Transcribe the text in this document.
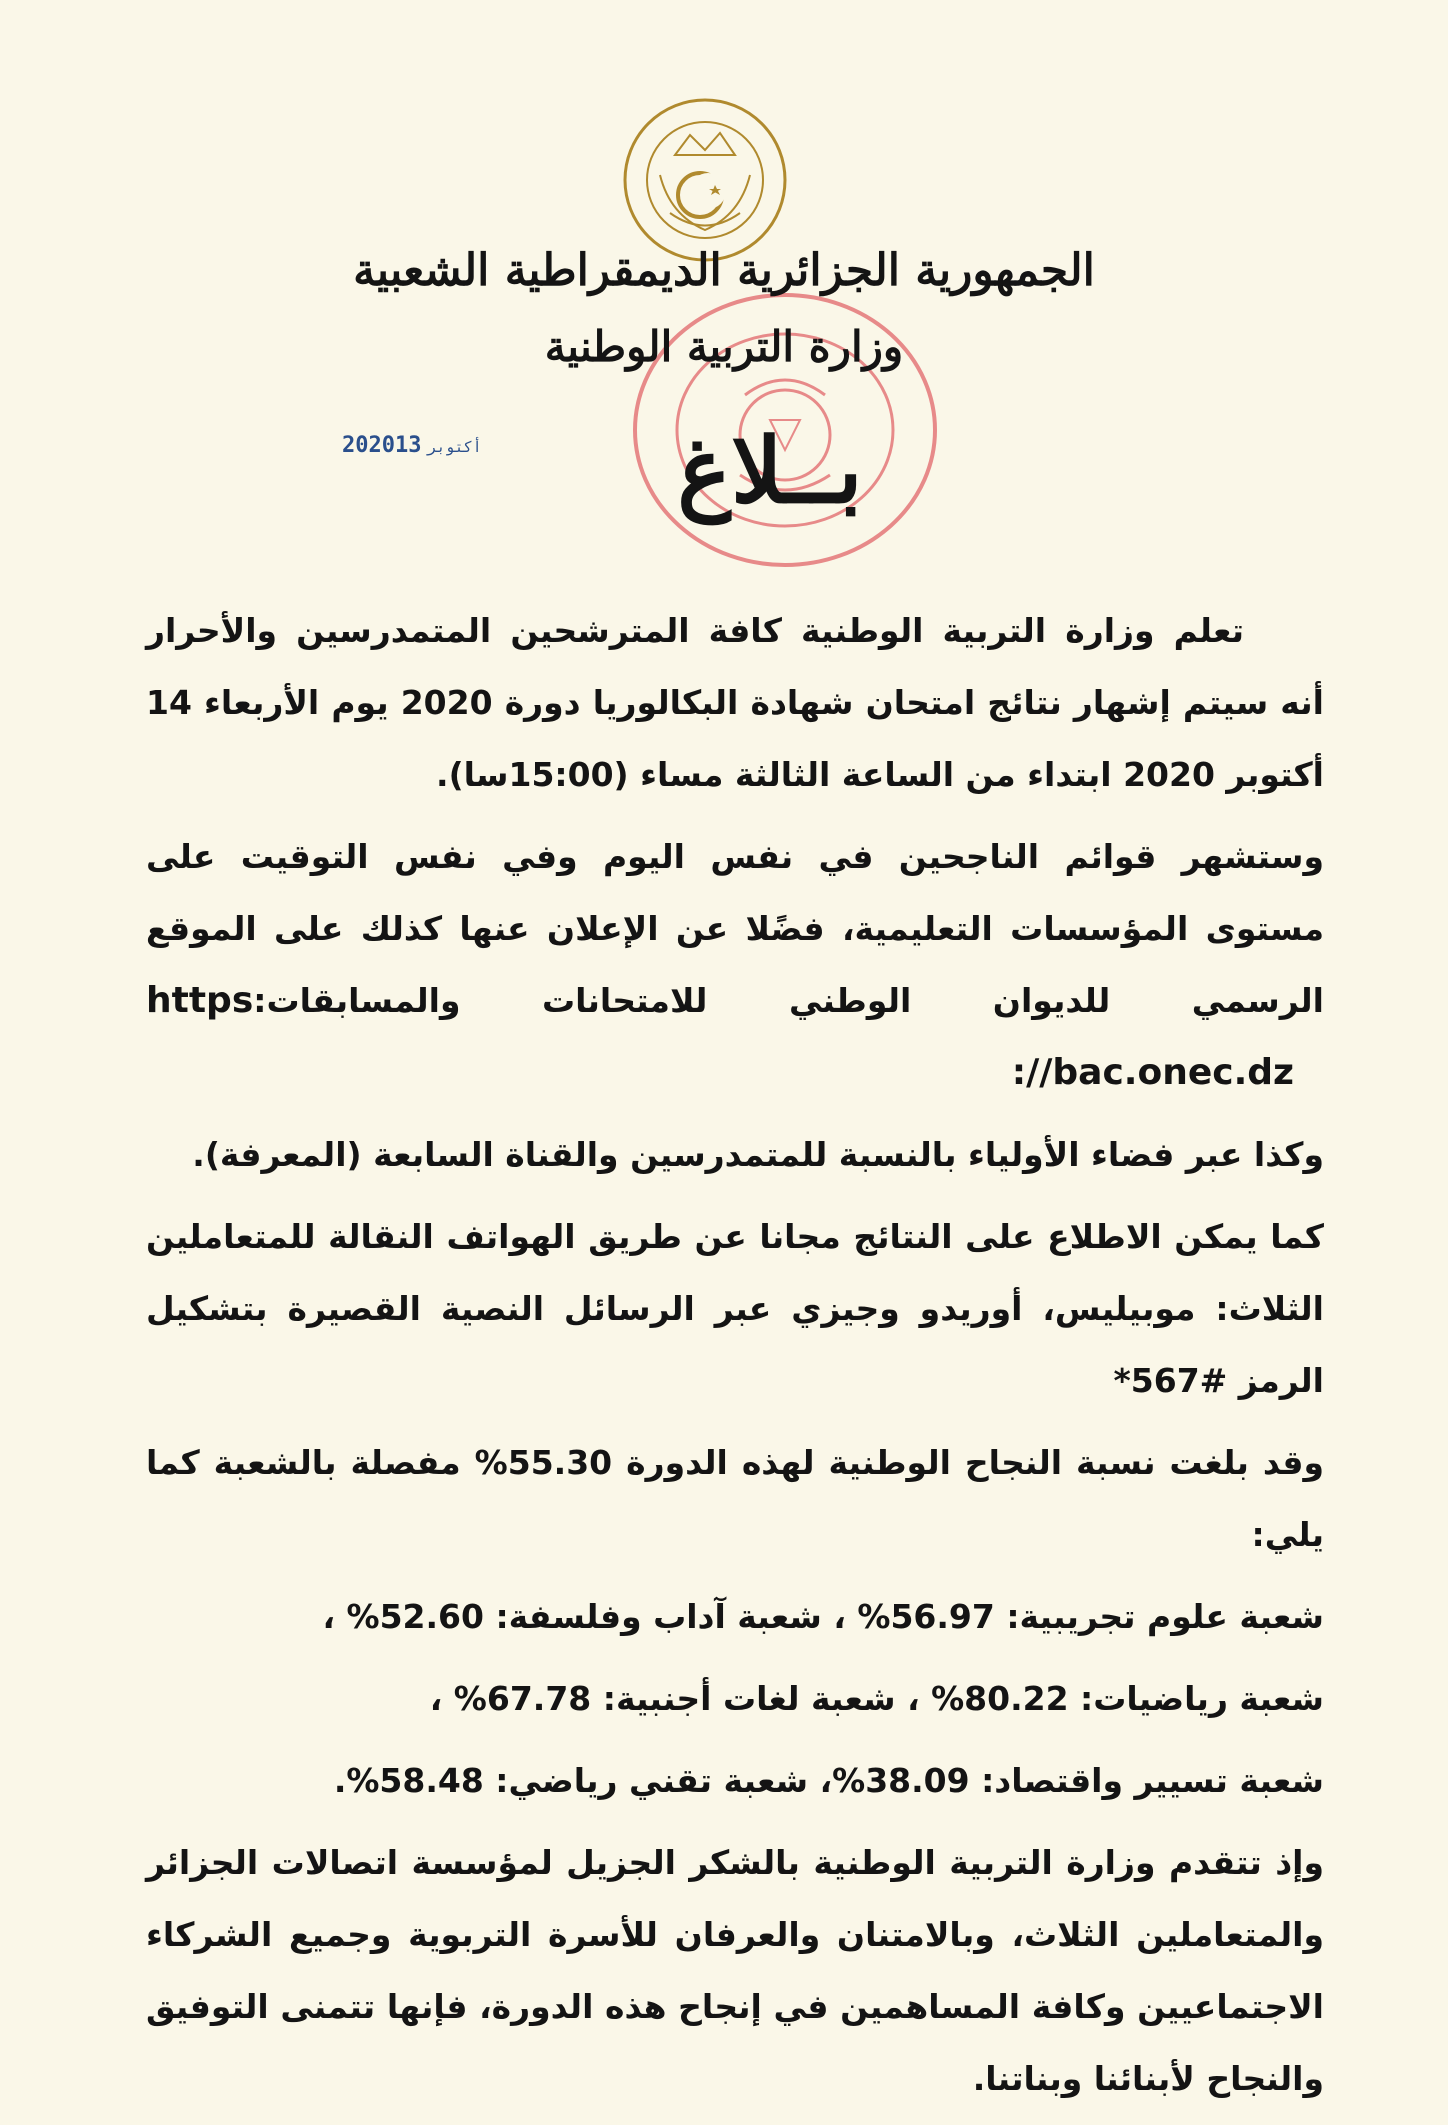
الجمهورية الجزائرية الديمقراطية الشعبية
وزارة التربية الوطنية
2020 أكتوبر13	بــلاغ

تعلم وزارة التربية الوطنية كافة المترشحين المتمدرسين والأحرار أنه سيتم إشهار نتائج امتحان شهادة البكالوريا دورة 2020 يوم الأربعاء 14 أكتوبر 2020 ابتداء من الساعة الثالثة مساء (15:00سا).

وستشهر قوائم الناجحين في نفس اليوم وفي نفس التوقيت على مستوى المؤسسات التعليمية، فضًلا عن الإعلان عنها كذلك على الموقع الرسمي للديوان الوطني للامتحانات والمسابقات:https ://bac.onec.dz

وكذا عبر فضاء الأولياء بالنسبة للمتمدرسين والقناة السابعة (المعرفة).

كما يمكن الاطلاع على النتائج مجانا عن طريق الهواتف النقالة للمتعاملين الثلاث: موبيليس، أوريدو وجيزي عبر الرسائل النصية القصيرة بتشكيل الرمز #567*

وقد بلغت نسبة النجاح الوطنية لهذه الدورة 55.30% مفصلة بالشعبة كما يلي:

شعبة علوم تجريبية: 56.97% ، شعبة آداب وفلسفة: 52.60% ،

شعبة رياضيات: 80.22% ، شعبة لغات أجنبية: 67.78% ،

شعبة تسيير واقتصاد: 38.09%، شعبة تقني رياضي: 58.48%.

وإذ تتقدم وزارة التربية الوطنية بالشكر الجزيل لمؤسسة اتصالات الجزائر والمتعاملين الثلاث، وبالامتنان والعرفان للأسرة التربوية وجميع الشركاء الاجتماعيين وكافة المساهمين في إنجاح هذه الدورة، فإنها تتمنى التوفيق والنجاح لأبنائنا وبناتنا.
